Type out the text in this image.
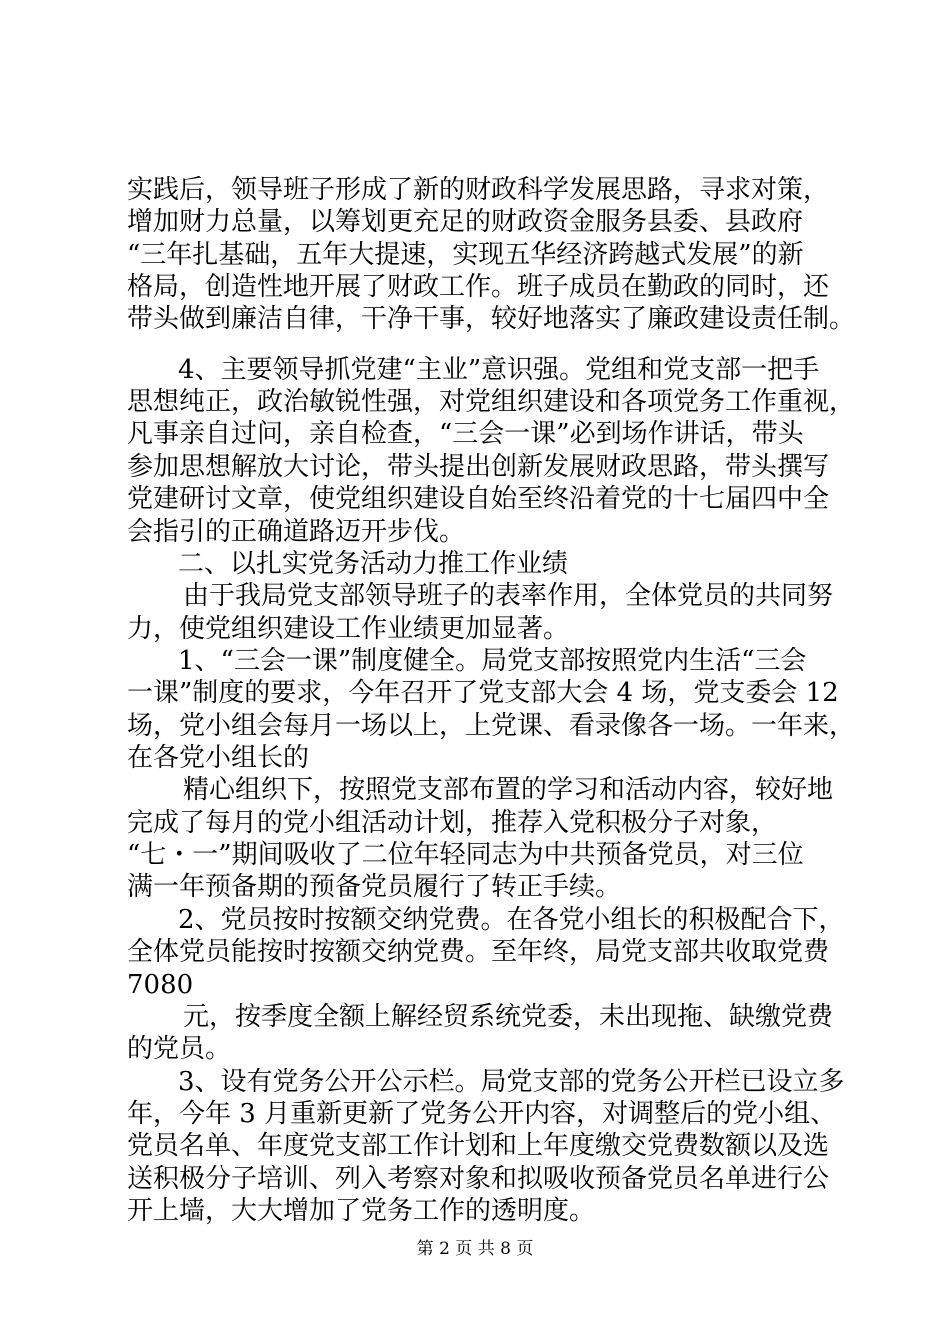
实践后，领导班子形成了新的财政科学发展思路，寻求对策，
增加财力总量，以筹划更充足的财政资金服务县委、县政府
“三年扎基础，五年大提速，实现五华经济跨越式发展”的新
格局，创造性地开展了财政工作。班子成员在勤政的同时，还
带头做到廉洁自律，干净干事，较好地落实了廉政建设责任制。
4、主要领导抓党建“主业”意识强。党组和党支部一把手
思想纯正，政治敏锐性强，对党组织建设和各项党务工作重视，
凡事亲自过问，亲自检查，“三会一课”必到场作讲话，带头
参加思想解放大讨论，带头提出创新发展财政思路，带头撰写
党建研讨文章，使党组织建设自始至终沿着党的十七届四中全
会指引的正确道路迈开步伐。
二、以扎实党务活动力推工作业绩
由于我局党支部领导班子的表率作用，全体党员的共同努
力，使党组织建设工作业绩更加显著。
1、“三会一课”制度健全。局党支部按照党内生活“三会
一课”制度的要求，今年召开了党支部大会 4 场，党支委会 12
场，党小组会每月一场以上，上党课、看录像各一场。一年来，
在各党小组长的
精心组织下，按照党支部布置的学习和活动内容，较好地
完成了每月的党小组活动计划，推荐入党积极分子对象，
“七・一”期间吸收了二位年轻同志为中共预备党员，对三位
满一年预备期的预备党员履行了转正手续。
2、党员按时按额交纳党费。在各党小组长的积极配合下，
全体党员能按时按额交纳党费。至年终，局党支部共收取党费
7080
元，按季度全额上解经贸系统党委，未出现拖、缺缴党费
的党员。
3、设有党务公开公示栏。局党支部的党务公开栏已设立多
年，今年 3 月重新更新了党务公开内容，对调整后的党小组、
党员名单、年度党支部工作计划和上年度缴交党费数额以及选
送积极分子培训、列入考察对象和拟吸收预备党员名单进行公
开上墙，大大增加了党务工作的透明度。
第 2 页 共 8 页
